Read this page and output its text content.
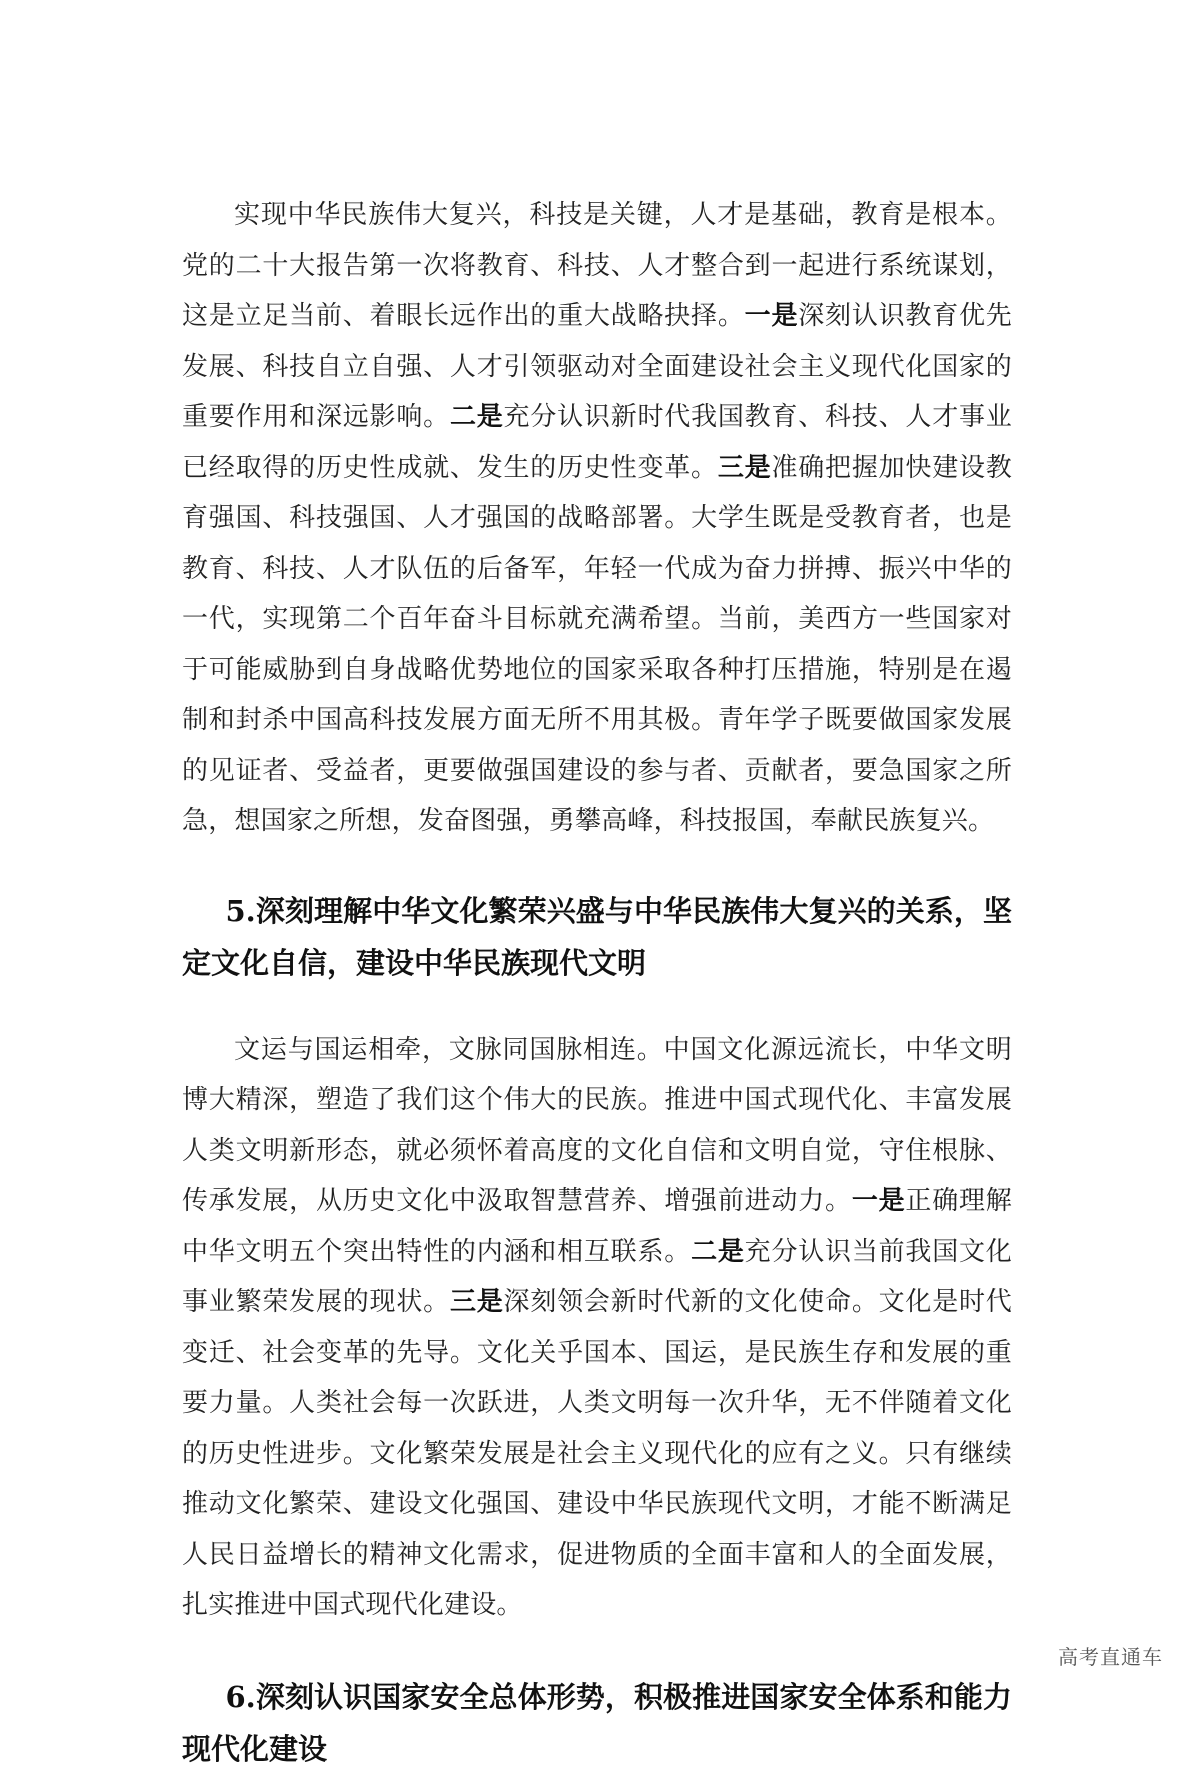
实现中华民族伟大复兴，科技是关键，人才是基础，教育是根本。党的二十大报告第一次将教育、科技、人才整合到一起进行系统谋划，这是立足当前、着眼长远作出的重大战略抉择。一是深刻认识教育优先发展、科技自立自强、人才引领驱动对全面建设社会主义现代化国家的重要作用和深远影响。二是充分认识新时代我国教育、科技、人才事业已经取得的历史性成就、发生的历史性变革。三是准确把握加快建设教育强国、科技强国、人才强国的战略部署。大学生既是受教育者，也是教育、科技、人才队伍的后备军，年轻一代成为奋力拼搏、振兴中华的一代，实现第二个百年奋斗目标就充满希望。当前，美西方一些国家对于可能威胁到自身战略优势地位的国家采取各种打压措施，特别是在遏制和封杀中国高科技发展方面无所不用其极。青年学子既要做国家发展的见证者、受益者，更要做强国建设的参与者、贡献者，要急国家之所急，想国家之所想，发奋图强，勇攀高峰，科技报国，奉献民族复兴。

5.深刻理解中华文化繁荣兴盛与中华民族伟大复兴的关系，坚定文化自信，建设中华民族现代文明

文运与国运相牵，文脉同国脉相连。中国文化源远流长，中华文明博大精深，塑造了我们这个伟大的民族。推进中国式现代化、丰富发展人类文明新形态，就必须怀着高度的文化自信和文明自觉，守住根脉、传承发展，从历史文化中汲取智慧营养、增强前进动力。一是正确理解中华文明五个突出特性的内涵和相互联系。二是充分认识当前我国文化事业繁荣发展的现状。三是深刻领会新时代新的文化使命。文化是时代变迁、社会变革的先导。文化关乎国本、国运，是民族生存和发展的重要力量。人类社会每一次跃进，人类文明每一次升华，无不伴随着文化的历史性进步。文化繁荣发展是社会主义现代化的应有之义。只有继续推动文化繁荣、建设文化强国、建设中华民族现代文明，才能不断满足人民日益增长的精神文化需求，促进物质的全面丰富和人的全面发展，扎实推进中国式现代化建设。

6.深刻认识国家安全总体形势，积极推进国家安全体系和能力现代化建设
高考直通车
